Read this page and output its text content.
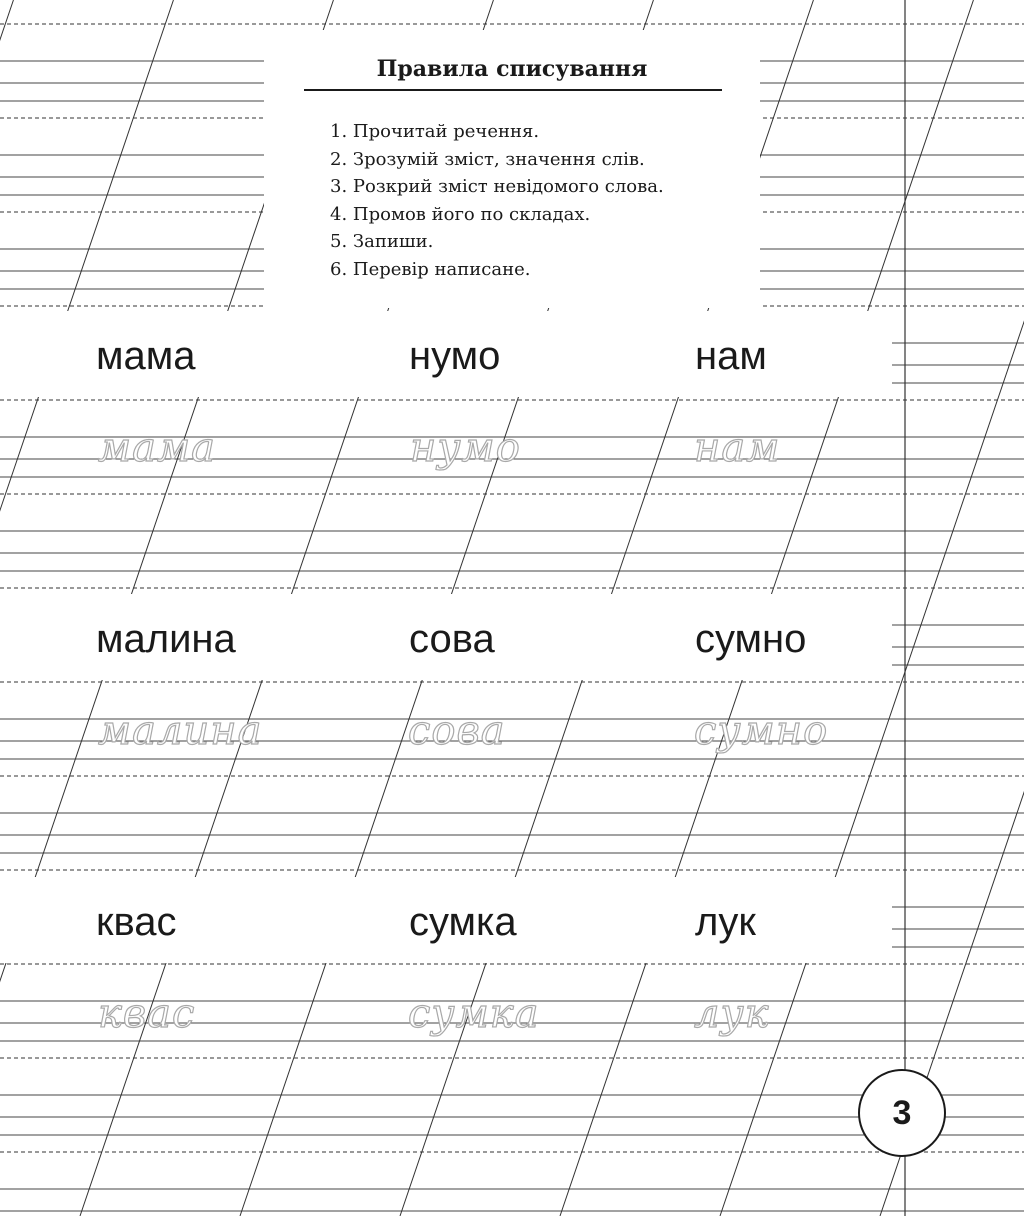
Правила списування
1. Прочитай речення.
2. Зрозумій зміст, значення слів.
3. Розкрий зміст невідомого слова.
4. Промов його по складах.
5. Запиши.
6. Перевір написане.
мама	нумо	нам
мама	нумо	нам
малина	сова	сумно
малина	сова	сумно
квас	сумка	лук
квас	сумка	лук
3
